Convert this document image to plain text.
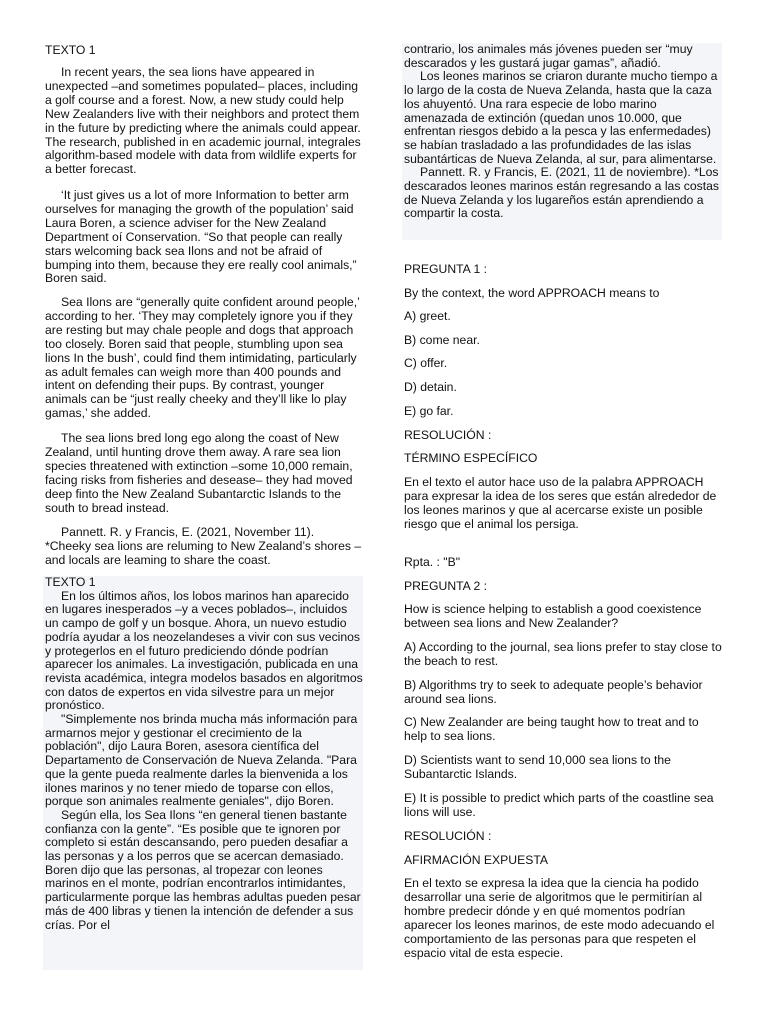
TEXTO 1

In recent years, the sea lions have appeared in unexpected –and sometimes populated– places, including a golf course and a forest. Now, a new study could help New Zealanders live with their neighbors and protect them in the future by predicting where the animals could appear. The research, published in en academic journal, integrales algorithm-based modele with data from wildlife experts for a better forecast.

‘It just gives us a lot of more Information to better arm ourselves for managing the growth of the population’ said Laura Boren, a science adviser for the New Zealand Department oí Conservation. “So that people can really stars welcoming back sea Ilons and not be afraid of bumping into them, because they ere really cool animals,” Boren said.

Sea Ilons are “generally quite confident around people,’ according to her. ‘They may completely ignore you if they are resting but may chale people and dogs that approach too closely. Boren said that people, stumbling upon sea lions In the bush’, could find them intimidating, particularly as adult females can weigh more than 400 pounds and intent on defending their pups. By contrast, younger animals can be “just really cheeky and they’ll like lo play gamas,’ she added.

The sea lions bred long ego along the coast of New Zealand, until hunting drove them away. A rare sea lion species threatened with extinction –some 10,000 remain, facing risks from fisheries and desease– they had moved deep finto the New Zealand Subantarctic Islands to the south to bread instead.

Pannett. R. y Francis, E. (2021, November 11). *Cheeky sea lions are reluming to New Zealand’s shores –and locals are leaming to share the coast.

TEXTO 1

En los últimos años, los lobos marinos han aparecido en lugares inesperados –y a veces poblados–, incluidos un campo de golf y un bosque. Ahora, un nuevo estudio podría ayudar a los neozelandeses a vivir con sus vecinos y protegerlos en el futuro prediciendo dónde podrían aparecer los animales. La investigación, publicada en una revista académica, integra modelos basados en algoritmos con datos de expertos en vida silvestre para un mejor pronóstico.

"Simplemente nos brinda mucha más información para armarnos mejor y gestionar el crecimiento de la población", dijo Laura Boren, asesora científica del Departamento de Conservación de Nueva Zelanda. "Para que la gente pueda realmente darles la bienvenida a los ilones marinos y no tener miedo de toparse con ellos, porque son animales realmente geniales", dijo Boren.

Según ella, los Sea Ilons “en general tienen bastante confianza con la gente”. “Es posible que te ignoren por completo si están descansando, pero pueden desafiar a las personas y a los perros que se acercan demasiado. Boren dijo que las personas, al tropezar con leones marinos en el monte, podrían encontrarlos intimidantes, particularmente porque las hembras adultas pueden pesar más de 400 libras y tienen la intención de defender a sus crías. Por el

contrario, los animales más jóvenes pueden ser “muy descarados y les gustará jugar gamas”, añadió.

Los leones marinos se criaron durante mucho tiempo a lo largo de la costa de Nueva Zelanda, hasta que la caza los ahuyentó. Una rara especie de lobo marino amenazada de extinción (quedan unos 10.000, que enfrentan riesgos debido a la pesca y las enfermedades) se habían trasladado a las profundidades de las islas subantárticas de Nueva Zelanda, al sur, para alimentarse.

Pannett. R. y Francis, E. (2021, 11 de noviembre). *Los descarados leones marinos están regresando a las costas de Nueva Zelanda y los lugareños están aprendiendo a compartir la costa.

PREGUNTA 1 :

By the context, the word APPROACH means to

A) greet.

B) come near.

C) offer.

D) detain.

E) go far.

RESOLUCIÓN :

TÉRMINO ESPECÍFICO

En el texto el autor hace uso de la palabra APPROACH para expresar la idea de los seres que están alrededor de los leones marinos y que al acercarse existe un posible riesgo que el animal los persiga.

Rpta. : "B"

PREGUNTA 2 :

How is science helping to establish a good coexistence between sea lions and New Zealander?

A) According to the journal, sea lions prefer to stay close to the beach to rest.

B) Algorithms try to seek to adequate people’s behavior around sea lions.

C) New Zealander are being taught how to treat and to help to sea lions.

D) Scientists want to send 10,000 sea lions to the Subantarctic Islands.

E) It is possible to predict which parts of the coastline sea lions will use.

RESOLUCIÓN :

AFIRMACIÓN EXPUESTA

En el texto se expresa la idea que la ciencia ha podido desarrollar una serie de algoritmos que le permitirían al hombre predecir dónde y en qué momentos podrían aparecer los leones marinos, de este modo adecuando el comportamiento de las personas para que respeten el espacio vital de esta especie.
